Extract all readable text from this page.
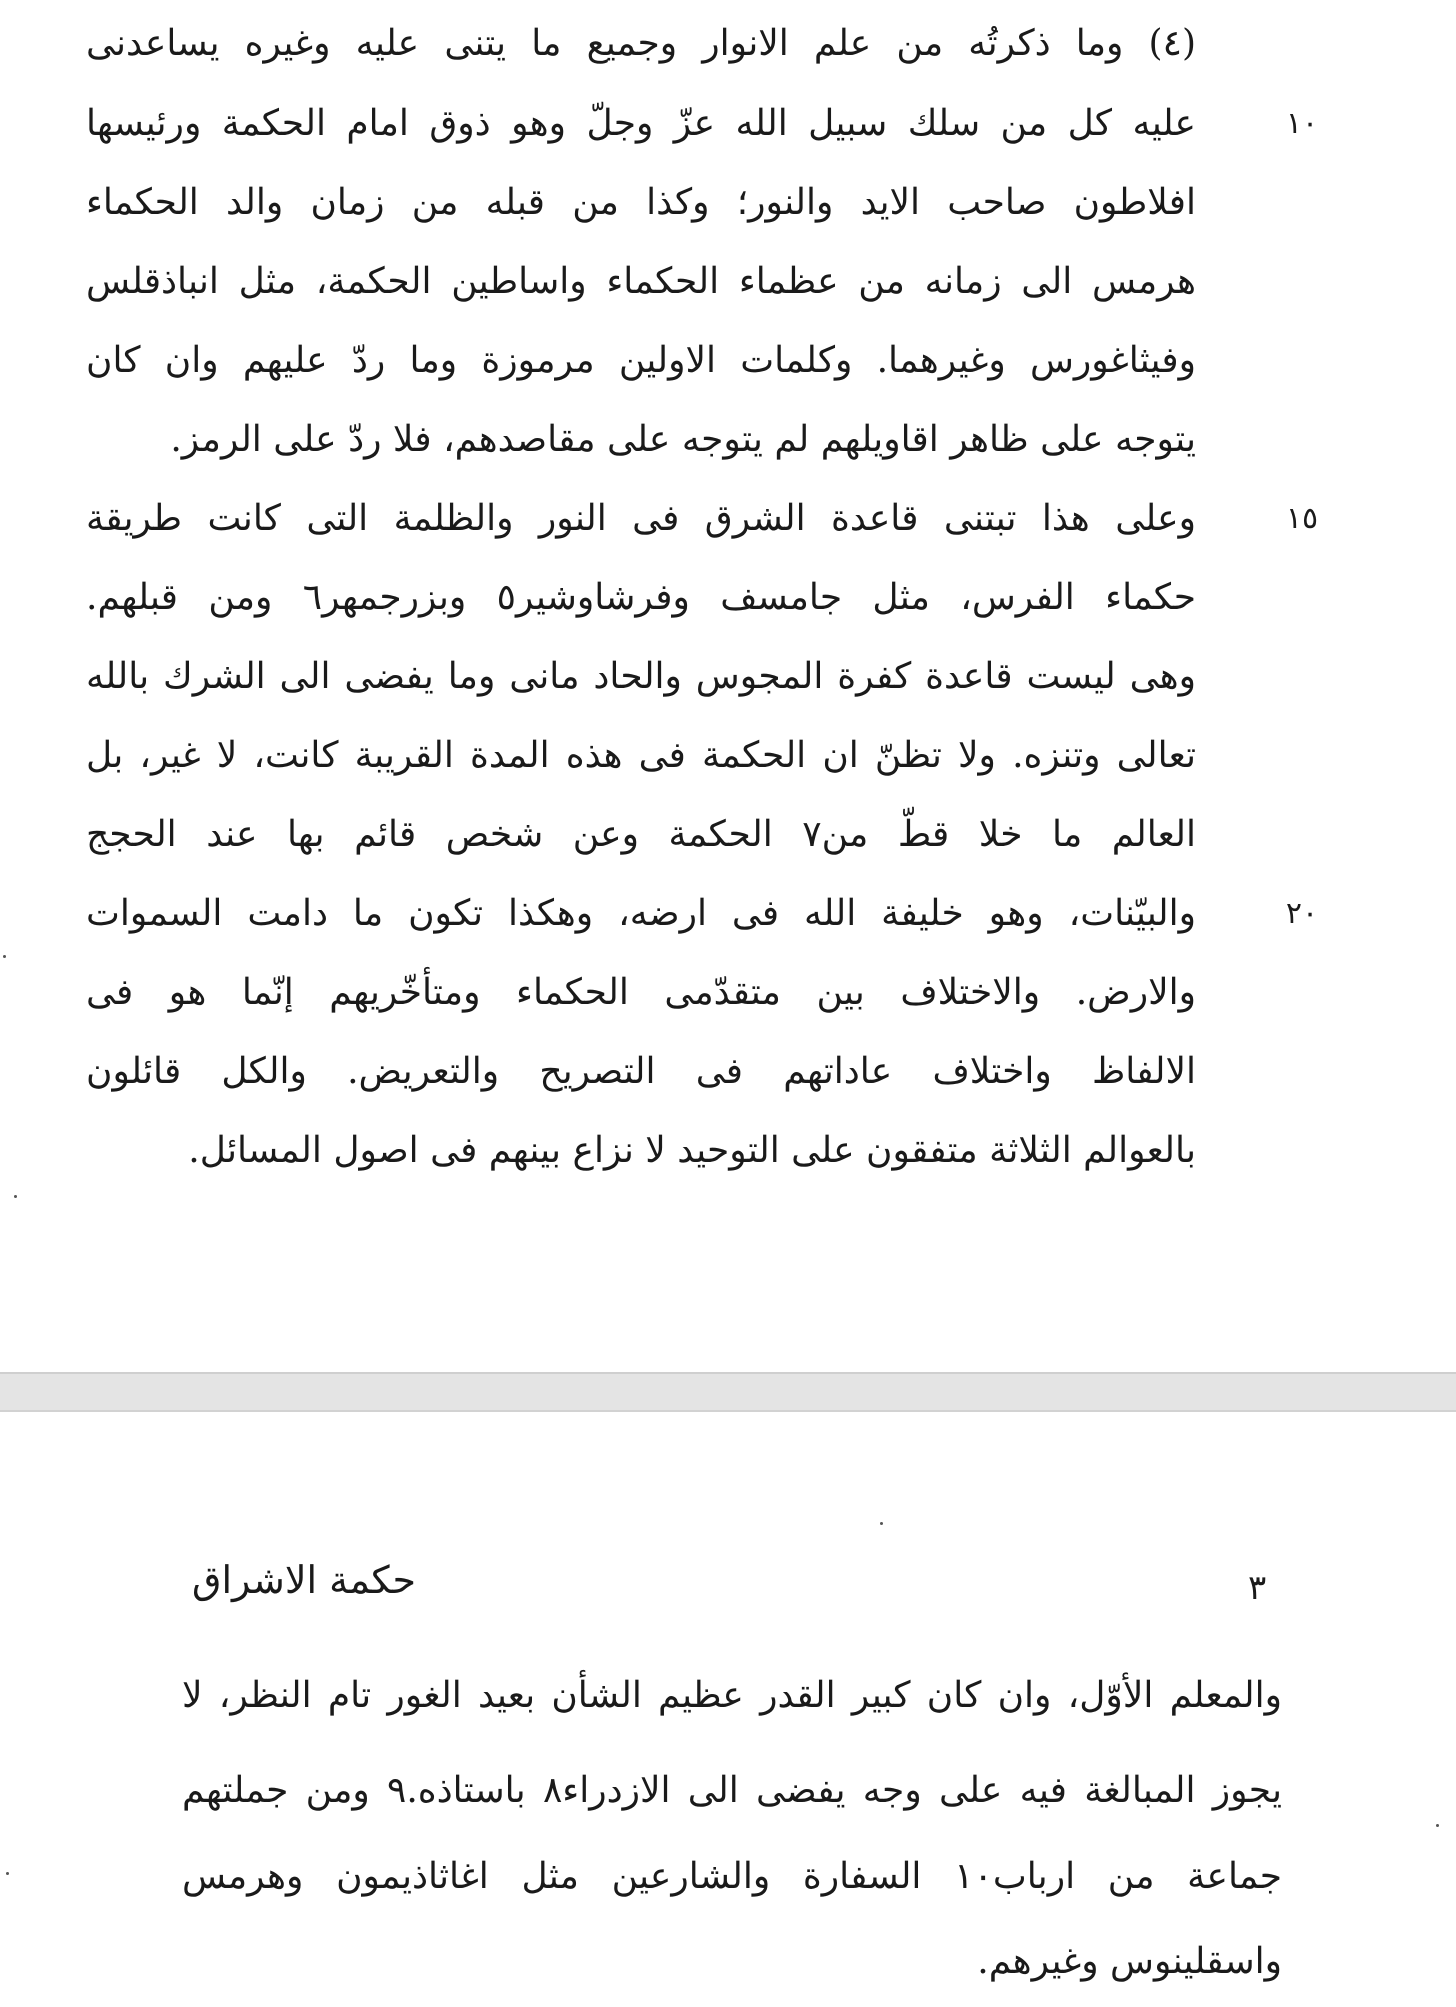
(٤) وما ذكرتُه من علم الانوار وجميع ما يتنى عليه وغيره يساعدنى
عليه كل من سلك سبيل الله عزّ وجلّ وهو ذوق امام الحكمة ورئيسها
افلاطون صاحب الايد والنور؛ وكذا من قبله من زمان والد الحكماء
هرمس الى زمانه من عظماء الحكماء واساطين الحكمة، مثل انباذقلس
وفيثاغورس وغيرهما. وكلمات الاولين مرموزة وما ردّ عليهم وان كان
يتوجه على ظاهر اقاويلهم لم يتوجه على مقاصدهم، فلا ردّ على الرمز.
وعلى هذا تبتنى قاعدة الشرق فى النور والظلمة التى كانت طريقة
حكماء الفرس، مثل جامسف وفرشاوشير٥ وبزرجمهر٦ ومن قبلهم.
وهى ليست قاعدة كفرة المجوس والحاد مانى وما يفضى الى الشرك بالله
تعالى وتنزه. ولا تظنّ ان الحكمة فى هذه المدة القريبة كانت، لا غير، بل
العالم ما خلا قطّ من٧ الحكمة وعن شخص قائم بها عند الحجج
والبيّنات، وهو خليفة الله فى ارضه، وهكذا تكون ما دامت السموات
والارض. والاختلاف بين متقدّمى الحكماء ومتأخّريهم إنّما هو فى
الالفاظ واختلاف عاداتهم فى التصريح والتعريض. والكل قائلون
بالعوالم الثلاثة متفقون على التوحيد لا نزاع بينهم فى اصول المسائل.
١٠
١٥
٢٠
حكمة الاشراق	٣
والمعلم الأوّل، وان كان كبير القدر عظيم الشأن بعيد الغور تام النظر، لا
يجوز المبالغة فيه على وجه يفضى الى الازدراء٨ باستاذه.٩ ومن جملتهم
جماعة من ارباب١٠ السفارة والشارعين مثل اغاثاذيمون وهرمس
واسقلينوس وغيرهم.
